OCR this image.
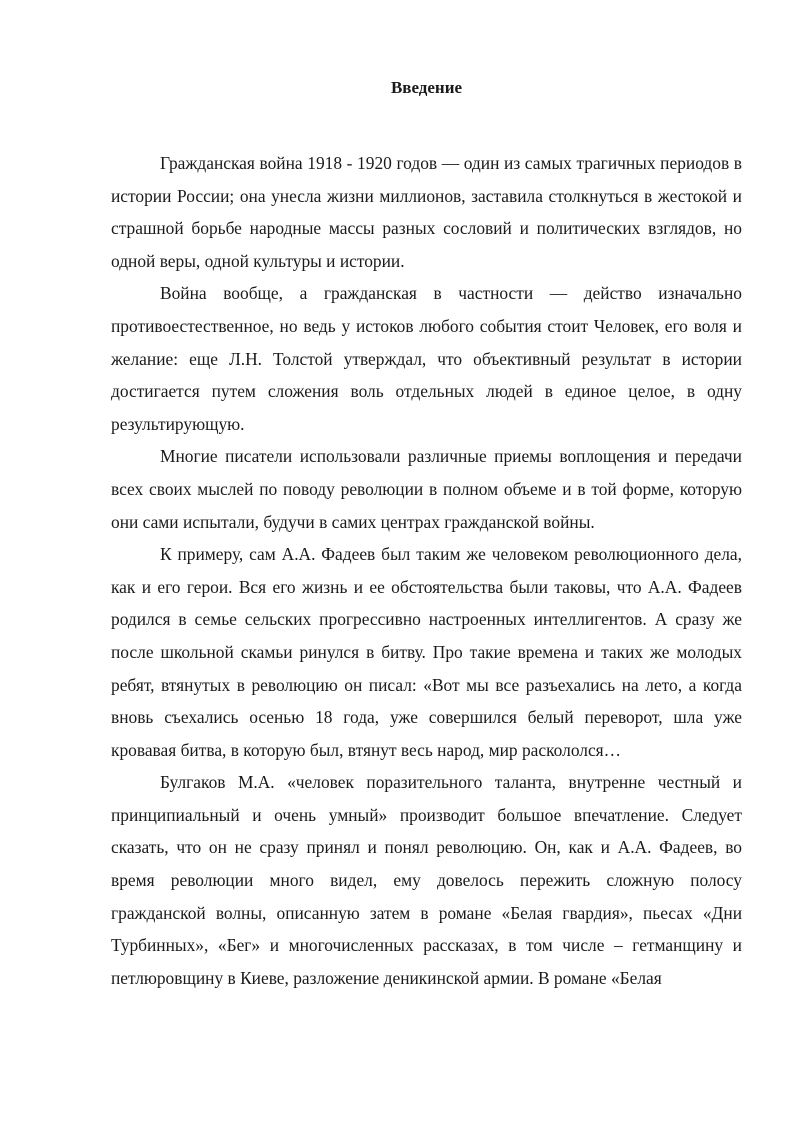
Введение

Гражданская война 1918 - 1920 годов — один из самых трагичных периодов в истории России; она унесла жизни миллионов, заставила столкнуться в жестокой и страшной борьбе народные массы разных сословий и политических взглядов, но одной веры, одной культуры и истории.

Война вообще, а гражданская в частности — действо изначально противоестественное, но ведь у истоков любого события стоит Человек, его воля и желание: еще Л.Н. Толстой утверждал, что объективный результат в истории достигается путем сложения воль отдельных людей в единое целое, в одну результирующую.

Многие писатели использовали различные приемы воплощения и передачи всех своих мыслей по поводу революции в полном объеме и в той форме, которую они сами испытали, будучи в самих центрах гражданской войны.

К примеру, сам А.А. Фадеев был таким же человеком революционного дела, как и его герои. Вся его жизнь и ее обстоятельства были таковы, что А.А. Фадеев родился в семье сельских прогрессивно настроенных интеллигентов. А сразу же после школьной скамьи ринулся в битву. Про такие времена и таких же молодых ребят, втянутых в революцию он писал: «Вот мы все разъехались на лето, а когда вновь съехались осенью 18 года, уже совершился белый переворот, шла уже кровавая битва, в которую был, втянут весь народ, мир раскололся…

Булгаков М.А. «человек поразительного таланта, внутренне честный и принципиальный и очень умный» производит большое впечатление. Следует сказать, что он не сразу принял и понял революцию. Он, как и А.А. Фадеев, во время революции много видел, ему довелось пережить сложную полосу гражданской волны, описанную затем в романе «Белая гвардия», пьесах «Дни Турбинных», «Бег» и многочисленных рассказах, в том числе – гетманщину и петлюровщину в Киеве, разложение деникинской армии. В романе «Белая
